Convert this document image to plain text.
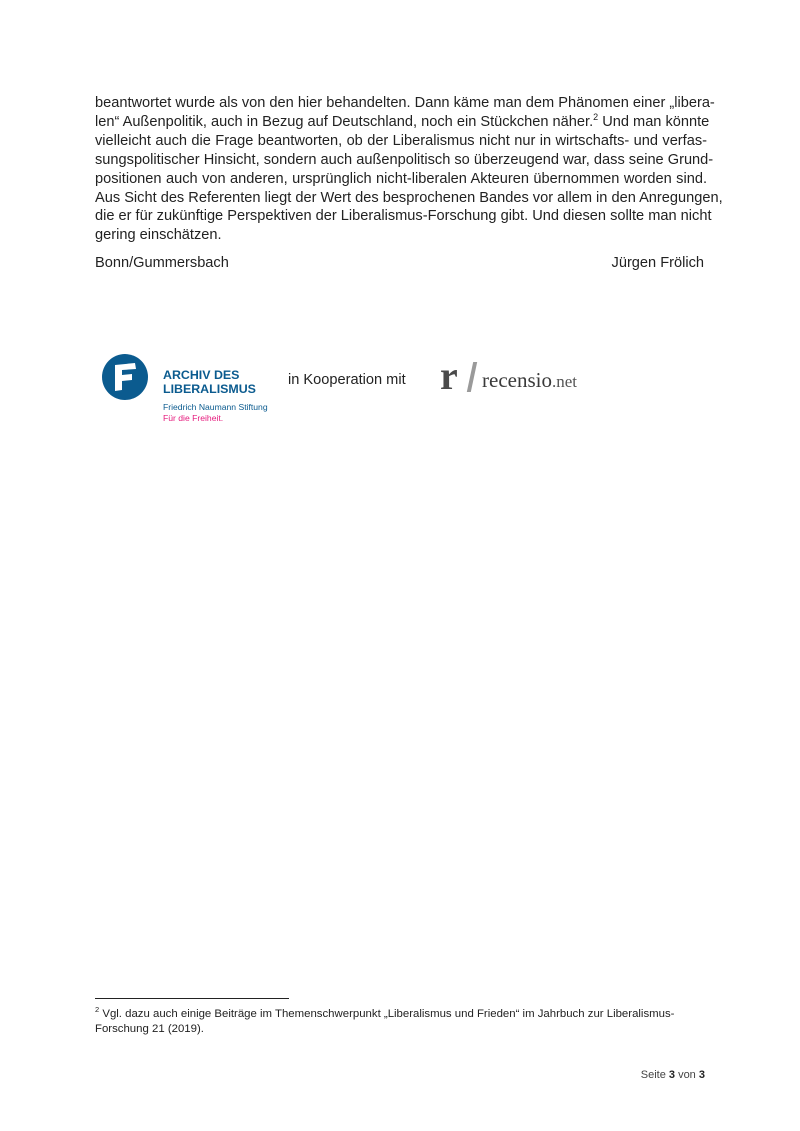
beantwortet wurde als von den hier behandelten. Dann käme man dem Phänomen einer „libera-
len“ Außenpolitik, auch in Bezug auf Deutschland, noch ein Stückchen näher.$^2$ Und man könnte
vielleicht auch die Frage beantworten, ob der Liberalismus nicht nur in wirtschafts- und verfas-
sungspolitischer Hinsicht, sondern auch außenpolitisch so überzeugend war, dass seine Grund-
positionen auch von anderen, ursprünglich nicht-liberalen Akteuren übernommen worden sind.
Aus Sicht des Referenten liegt der Wert des besprochenen Bandes vor allem in den Anregungen,
die er für zukünftige Perspektiven der Liberalismus-Forschung gibt. Und diesen sollte man nicht
gering einschätzen.
Bonn/Gummersbach	Jürgen Frölich
ARCHIV DES
LIBERALISMUS
Friedrich Naumann Stiftung
Für die Freiheit.
in Kooperation mit r recensio.net
$^2$ Vgl. dazu auch einige Beiträge im Themenschwerpunkt „Liberalismus und Frieden“ im Jahrbuch zur Liberalismus-
Forschung 21 (2019).
Seite 3 von 3
